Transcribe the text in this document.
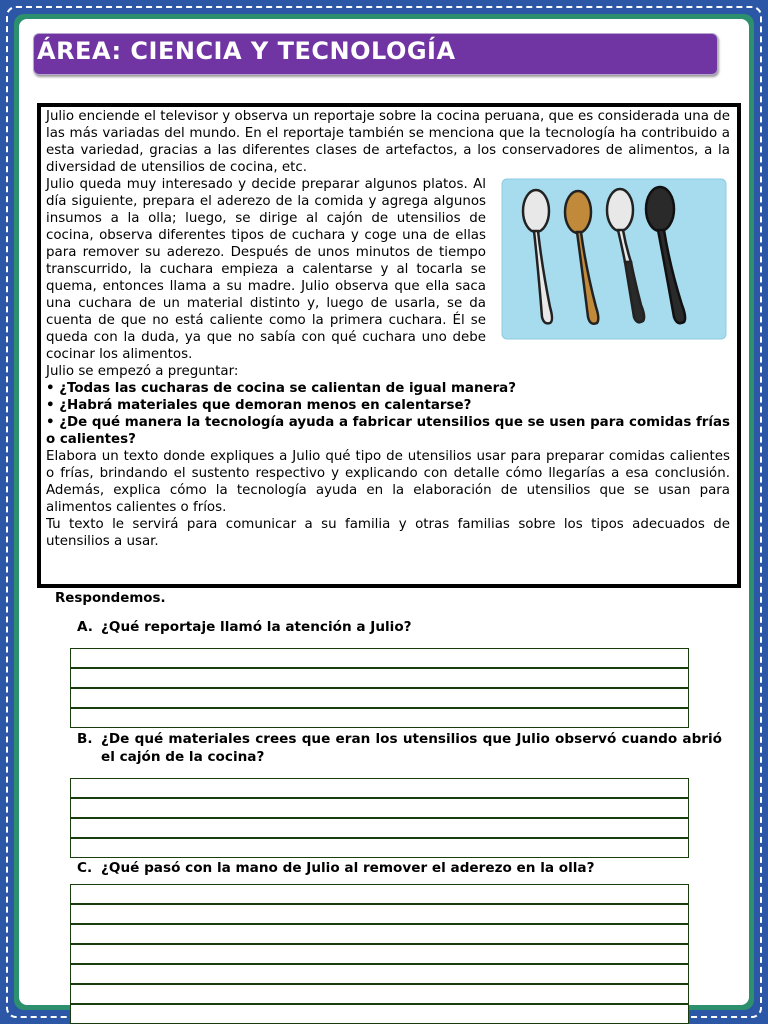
ÁREA: CIENCIA Y TECNOLOGÍA

Julio enciende el televisor y observa un reportaje sobre la cocina peruana, que es considerada una de las más variadas del mundo. En el reportaje también se menciona que la tecnología ha contribuido a esta variedad, gracias a las diferentes clases de artefactos, a los conservadores de alimentos, a la diversidad de utensilios de cocina, etc.

Julio queda muy interesado y decide preparar algunos platos. Al día siguiente, prepara el aderezo de la comida y agrega algunos insumos a la olla; luego, se dirige al cajón de utensilios de cocina, observa diferentes tipos de cuchara y coge una de ellas para remover su aderezo. Después de unos minutos de tiempo transcurrido, la cuchara empieza a calentarse y al tocarla se quema, entonces llama a su madre. Julio observa que ella saca una cuchara de un material distinto y, luego de usarla, se da cuenta de que no está caliente como la primera cuchara. Él se queda con la duda, ya que no sabía con qué cuchara uno debe cocinar los alimentos.

Julio se empezó a preguntar:

• ¿Todas las cucharas de cocina se calientan de igual manera?

• ¿Habrá materiales que demoran menos en calentarse?

• ¿De qué manera la tecnología ayuda a fabricar utensilios que se usen para comidas frías o calientes?

Elabora un texto donde expliques a Julio qué tipo de utensilios usar para preparar comidas calientes o frías, brindando el sustento respectivo y explicando con detalle cómo llegarías a esa conclusión. Además, explica cómo la tecnología ayuda en la elaboración de utensilios que se usan para alimentos calientes o fríos.

Tu texto le servirá para comunicar a su familia y otras familias sobre los tipos adecuados de utensilios a usar.

Respondemos.
A. ¿Qué reportaje llamó la atención a Julio?
B. ¿De qué materiales crees que eran los utensilios que Julio observó cuando abrió el cajón de la cocina?
C. ¿Qué pasó con la mano de Julio al remover el aderezo en la olla?
